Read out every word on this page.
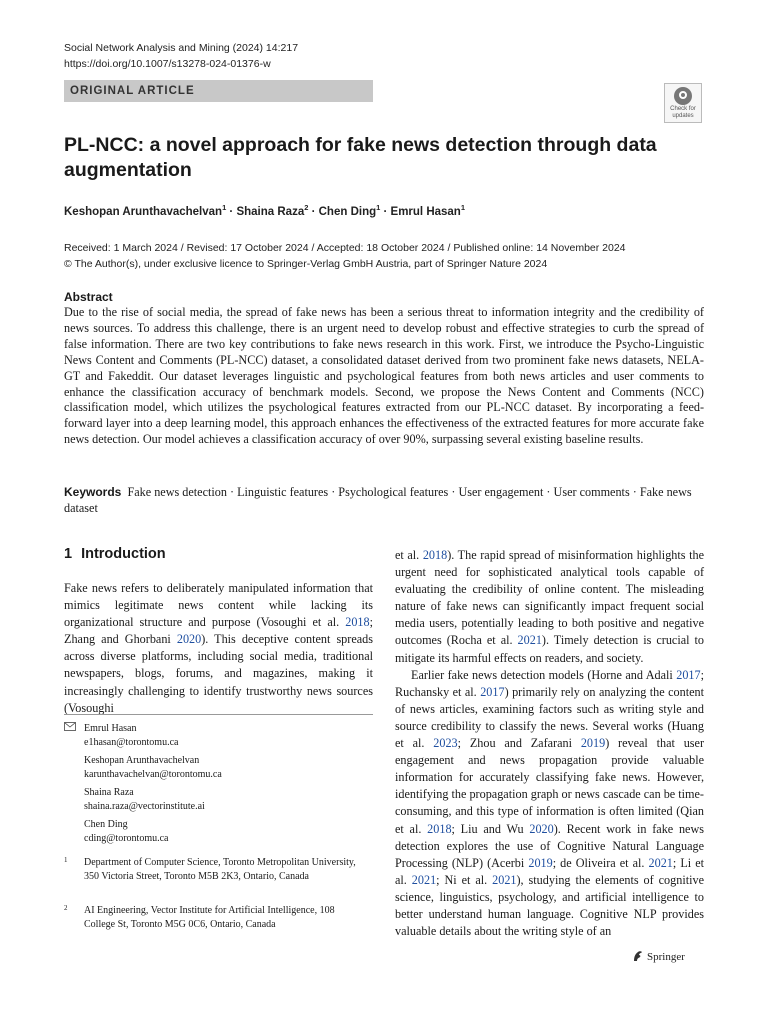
Social Network Analysis and Mining (2024) 14:217
https://doi.org/10.1007/s13278-024-01376-w
ORIGINAL ARTICLE
Check for
updates
PL-NCC: a novel approach for fake news detection through data augmentation
Keshopan Arunthavachelvan$^1$ · Shaina Raza$^2$ · Chen Ding$^1$ · Emrul Hasan$^1$
Received: 1 March 2024 / Revised: 17 October 2024 / Accepted: 18 October 2024 / Published online: 14 November 2024
© The Author(s), under exclusive licence to Springer-Verlag GmbH Austria, part of Springer Nature 2024
Abstract
Due to the rise of social media, the spread of fake news has been a serious threat to information integrity and the credibility of news sources. To address this challenge, there is an urgent need to develop robust and effective strategies to curb the spread of false information. There are two key contributions to fake news research in this work. First, we introduce the Psycho-Linguistic News Content and Comments (PL-NCC) dataset, a consolidated dataset derived from two prominent fake news datasets, NELA-GT and Fakeddit. Our dataset leverages linguistic and psychological features from both news articles and user comments to enhance the classification accuracy of benchmark models. Second, we propose the News Content and Comments (NCC) classification model, which utilizes the psychological features extracted from our PL-NCC dataset. By incorporating a feed-forward layer into a deep learning model, this approach enhances the effectiveness of the extracted features for more accurate fake news detection. Our model achieves a classification accuracy of over 90%, surpassing several existing baseline results.
Keywords Fake news detection · Linguistic features · Psychological features · User engagement · User comments · Fake news dataset
1 Introduction

Fake news refers to deliberately manipulated information that mimics legitimate news content while lacking its organizational structure and purpose (Vosoughi et al. 2018; Zhang and Ghorbani 2020). This deceptive content spreads across diverse platforms, including social media, traditional newspapers, blogs, forums, and magazines, making it increasingly challenging to identify trustworthy news sources (Vosoughi

et al. 2018). The rapid spread of misinformation highlights the urgent need for sophisticated analytical tools capable of evaluating the credibility of online content. The misleading nature of fake news can significantly impact frequent social media users, potentially leading to both positive and negative outcomes (Rocha et al. 2021). Timely detection is crucial to mitigate its harmful effects on readers, and society.

Earlier fake news detection models (Horne and Adali 2017; Ruchansky et al. 2017) primarily rely on analyzing the content of news articles, examining factors such as writing style and source credibility to classify the news. Several works (Huang et al. 2023; Zhou and Zafarani 2019) reveal that user engagement and news propagation provide valuable information for accurately classifying fake news. However, identifying the propagation graph or news cascade can be time-consuming, and this type of information is often limited (Qian et al. 2018; Liu and Wu 2020). Recent work in fake news detection explores the use of Cognitive Natural Language Processing (NLP) (Acerbi 2019; de Oliveira et al. 2021; Li et al. 2021; Ni et al. 2021), studying the elements of cognitive science, linguistics, psychology, and artificial intelligence to better understand human language. Cognitive NLP provides valuable details about the writing style of an

Emrul Hasan
e1hasan@torontomu.ca
Keshopan Arunthavachelvan
karunthavachelvan@torontomu.ca
Shaina Raza
shaina.raza@vectorinstitute.ai
Chen Ding
cding@torontomu.ca
1 Department of Computer Science, Toronto Metropolitan University, 350 Victoria Street, Toronto M5B 2K3, Ontario, Canada
2 AI Engineering, Vector Institute for Artificial Intelligence, 108 College St, Toronto M5G 0C6, Ontario, Canada
Springer
